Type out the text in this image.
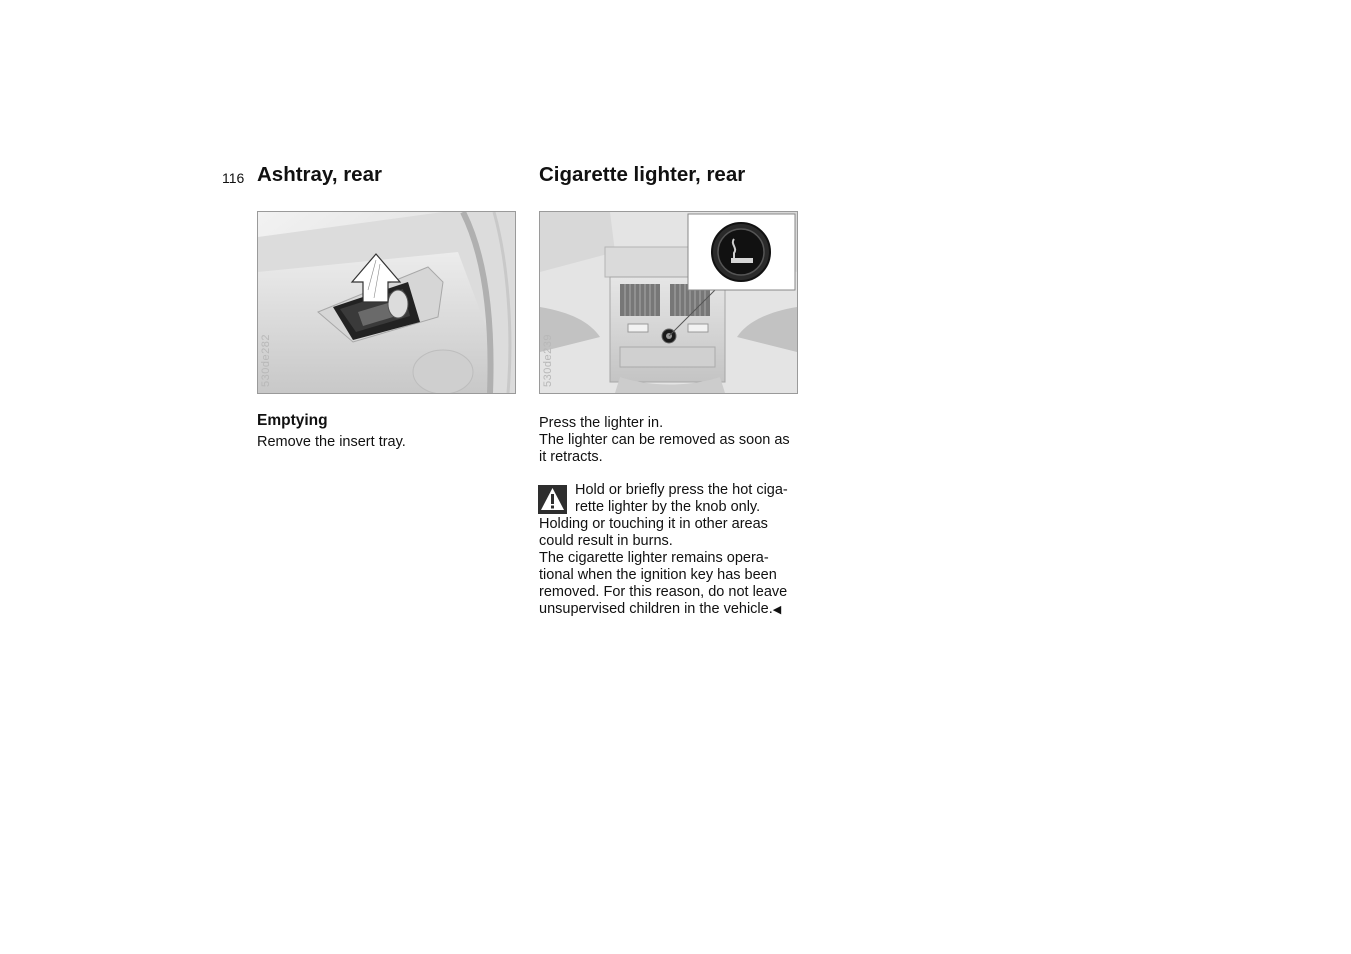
116 Ashtray, rear
530de282
Emptying

Remove the insert tray.

Cigarette lighter, rear
530de239

Press the lighter in.

The lighter can be removed as soon as
it retracts.

Hold or briefly press the hot ciga-
rette lighter by the knob only.

Holding or touching it in other areas
could result in burns.
The cigarette lighter remains opera-
tional when the ignition key has been
removed. For this reason, do not leave
unsupervised children in the vehicle.◀
